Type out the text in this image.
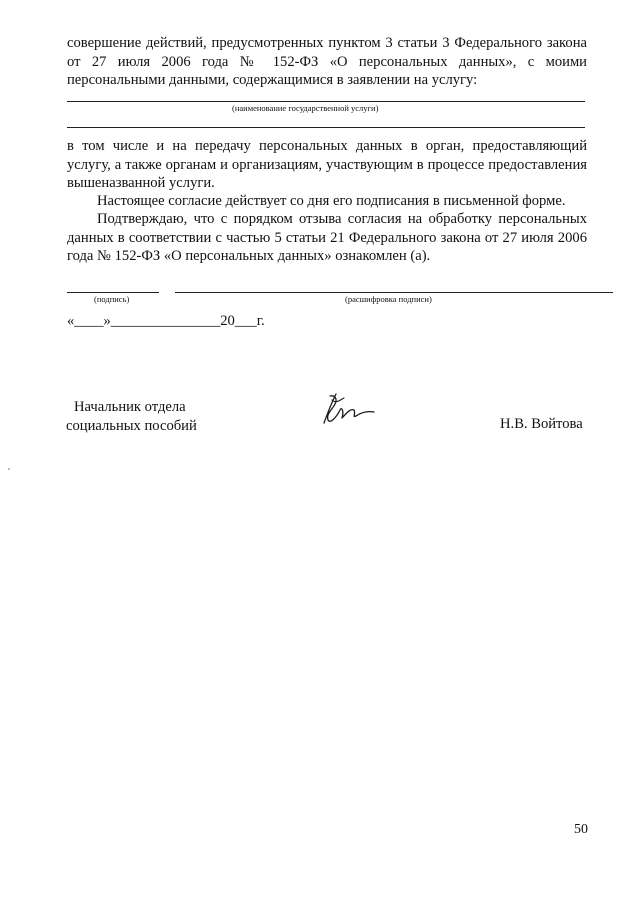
совершение действий, предусмотренных пунктом 3 статьи 3 Федерального закона от 27 июля 2006 года № 152-ФЗ «О персональных данных», с моими персональными данными, содержащимися в заявлении на услугу:
(наименование государственной услуги)
в том числе и на передачу персональных данных в орган, предоставляющий услугу, а также органам и организациям, участвующим в процессе предоставления вышеназванной услуги.
Настоящее согласие действует со дня его подписания в письменной форме.
Подтверждаю, что с порядком отзыва согласия на обработку персональных данных в соответствии с частью 5 статьи 21 Федерального закона от 27 июля 2006 года № 152-ФЗ «О персональных данных» ознакомлен (а).
(подпись)	(расшифровка подписи)
«____»_______________20___г.
Начальник отдела
социальных пособий	Н.В. Войтова
50
